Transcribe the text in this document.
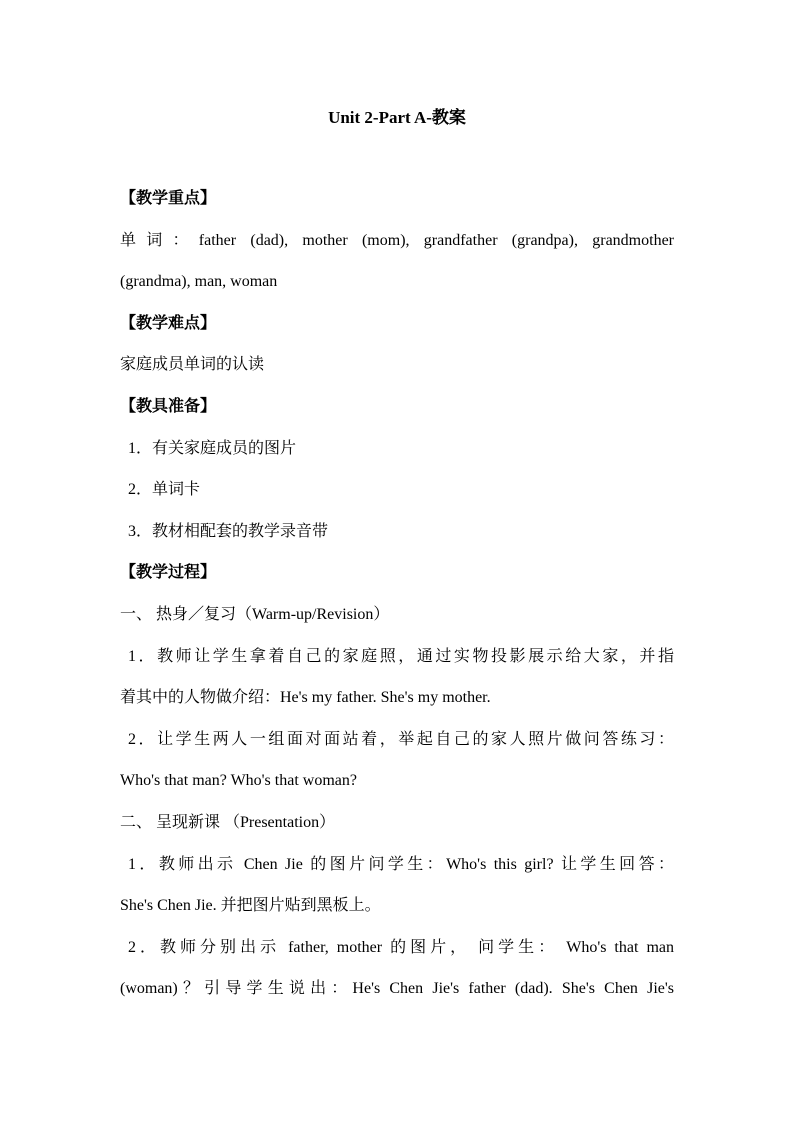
Unit 2-Part A-教案
【教学重点】
单词：father (dad), mother (mom), grandfather (grandpa), grandmother
(grandma), man, woman
【教学难点】
家庭成员单词的认读
【教具准备】
1．有关家庭成员的图片
2．单词卡
3．教材相配套的教学录音带
【教学过程】
一、 热身／复习（Warm-up/Revision）
1．教师让学生拿着自己的家庭照，通过实物投影展示给大家，并指
着其中的人物做介绍：He's my father. She's my mother.
2．让学生两人一组面对面站着，举起自己的家人照片做问答练习：
Who's that man? Who's that woman?
二、 呈现新课 （Presentation）
1．教师出示 Chen Jie 的图片问学生：Who's this girl? 让学生回答：
She's Chen Jie. 并把图片贴到黑板上。
2．教师分别出示 father, mother 的图片， 问学生： Who's that man
(woman)？引导学生说出：He's Chen Jie's father (dad). She's Chen Jie's
